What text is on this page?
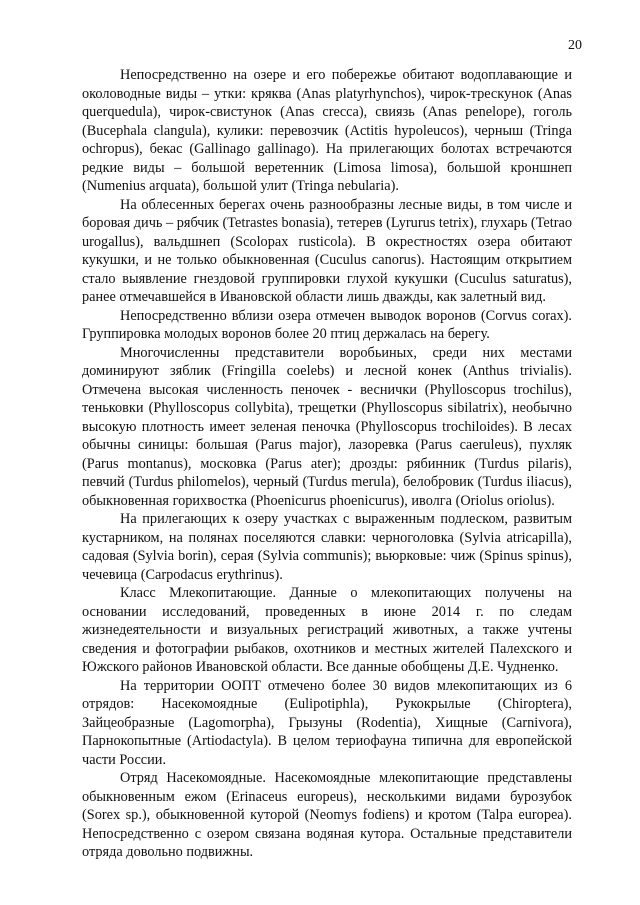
20

Непосредственно на озере и его побережье обитают водоплавающие и околоводные виды – утки: кряква (Anas platyrhynchos), чирок-трескунок (Anas querquedula), чирок-свистунок (Anas crecca), свиязь (Anas penelope), гоголь (Bucephala clangula), кулики: перевозчик (Actitis hypoleucos), черныш (Tringa ochropus), бекас (Gallinago gallinago). На прилегающих болотах встречаются редкие виды – большой веретенник (Limosa limosa), большой кроншнеп (Numenius arquata), большой улит (Tringa nebularia).

На облесенных берегах очень разнообразны лесные виды, в том числе и боровая дичь – рябчик (Tetrastes bonasia), тетерев (Lyrurus tetrix), глухарь (Tetrao urogallus), вальдшнеп (Scolopax rusticola). В окрестностях озера обитают кукушки, и не только обыкновенная (Cuculus canorus). Настоящим открытием стало выявление гнездовой группировки глухой кукушки (Cuculus saturatus), ранее отмечавшейся в Ивановской области лишь дважды, как залетный вид.

Непосредственно вблизи озера отмечен выводок воронов (Corvus corax). Группировка молодых воронов более 20 птиц держалась на берегу.

Многочисленны представители воробьиных, среди них местами доминируют зяблик (Fringilla coelebs) и лесной конек (Anthus trivialis). Отмечена высокая численность пеночек - веснички (Phylloscopus trochilus), теньковки (Phylloscopus collybita), трещетки (Phylloscopus sibilatrix), необычно высокую плотность имеет зеленая пеночка (Phylloscopus trochiloides). В лесах обычны синицы: большая (Parus major), лазоревка (Parus caeruleus), пухляк (Parus montanus), московка (Parus ater); дрозды: рябинник (Turdus pilaris), певчий (Turdus philomelos), черный (Turdus merula), белобровик (Turdus iliacus), обыкновенная горихвостка (Phoenicurus phoenicurus), иволга (Oriolus oriolus).

На прилегающих к озеру участках с выраженным подлеском, развитым кустарником, на полянах поселяются славки: черноголовка (Sylvia atricapilla), садовая (Sylvia borin), серая (Sylvia communis); вьюрковые: чиж (Spinus spinus), чечевица (Carpodacus erythrinus).

Класс Млекопитающие. Данные о млекопитающих получены на основании исследований, проведенных в июне 2014 г. по следам жизнедеятельности и визуальных регистраций животных, а также учтены сведения и фотографии рыбаков, охотников и местных жителей Палехского и Южского районов Ивановской области. Все данные обобщены Д.Е. Чудненко.

На территории ООПТ отмечено более 30 видов млекопитающих из 6 отрядов: Насекомоядные (Eulipotiphla), Рукокрылые (Chiroptera), Зайцеобразные (Lagomorpha), Грызуны (Rodentia), Хищные (Carnivora), Парнокопытные (Artiodactyla). В целом териофауна типична для европейской части России.

Отряд Насекомоядные. Насекомоядные млекопитающие представлены обыкновенным ежом (Erinaceus europeus), несколькими видами бурозубок (Sorex sp.), обыкновенной куторой (Neomys fodiens) и кротом (Talpa europea). Непосредственно с озером связана водяная кутора. Остальные представители отряда довольно подвижны.
